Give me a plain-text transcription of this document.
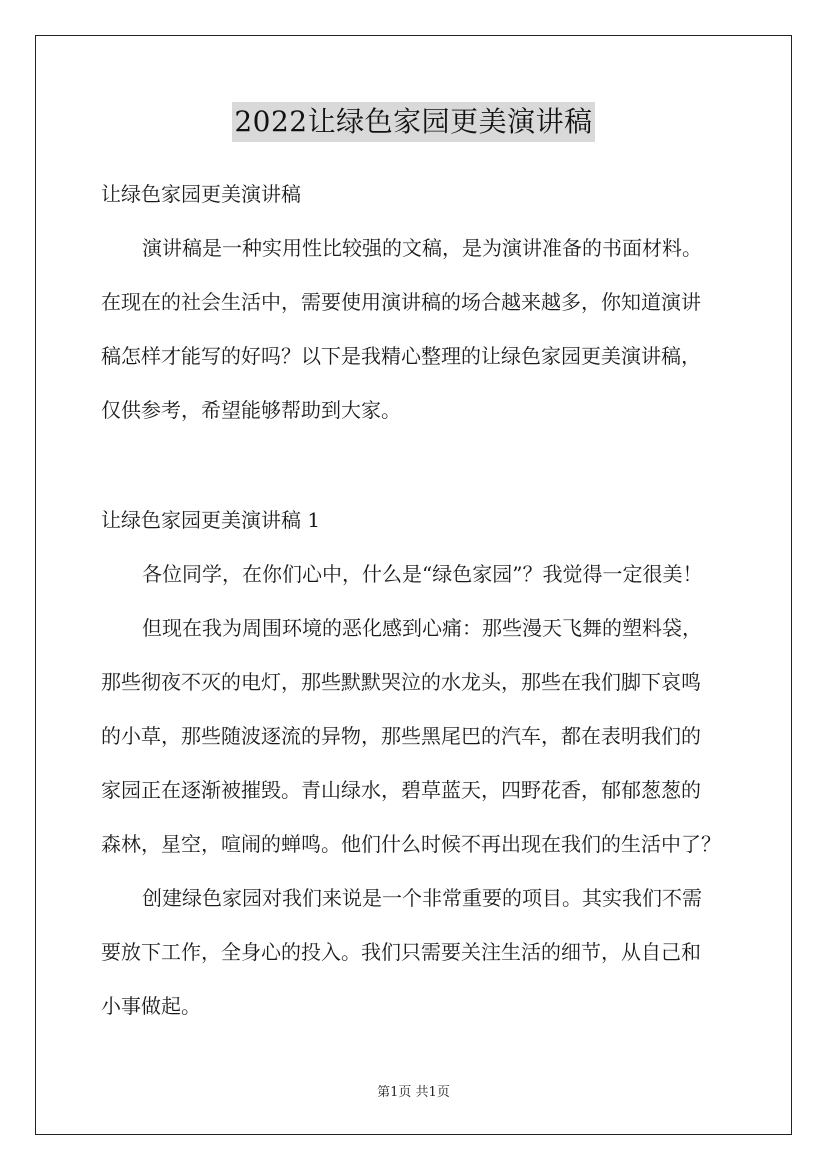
2022让绿色家园更美演讲稿
让绿色家园更美演讲稿
演讲稿是一种实用性比较强的文稿，是为演讲准备的书面材料。
在现在的社会生活中，需要使用演讲稿的场合越来越多，你知道演讲
稿怎样才能写的好吗？以下是我精心整理的让绿色家园更美演讲稿，
仅供参考，希望能够帮助到大家。
让绿色家园更美演讲稿 1
各位同学，在你们心中，什么是“绿色家园”？我觉得一定很美！
但现在我为周围环境的恶化感到心痛：那些漫天飞舞的塑料袋，
那些彻夜不灭的电灯，那些默默哭泣的水龙头，那些在我们脚下哀鸣
的小草，那些随波逐流的异物，那些黑尾巴的汽车，都在表明我们的
家园正在逐渐被摧毁。青山绿水，碧草蓝天，四野花香，郁郁葱葱的
森林，星空，喧闹的蝉鸣。他们什么时候不再出现在我们的生活中了？
创建绿色家园对我们来说是一个非常重要的项目。其实我们不需
要放下工作，全身心的投入。我们只需要关注生活的细节，从自己和
小事做起。
第1页 共1页
